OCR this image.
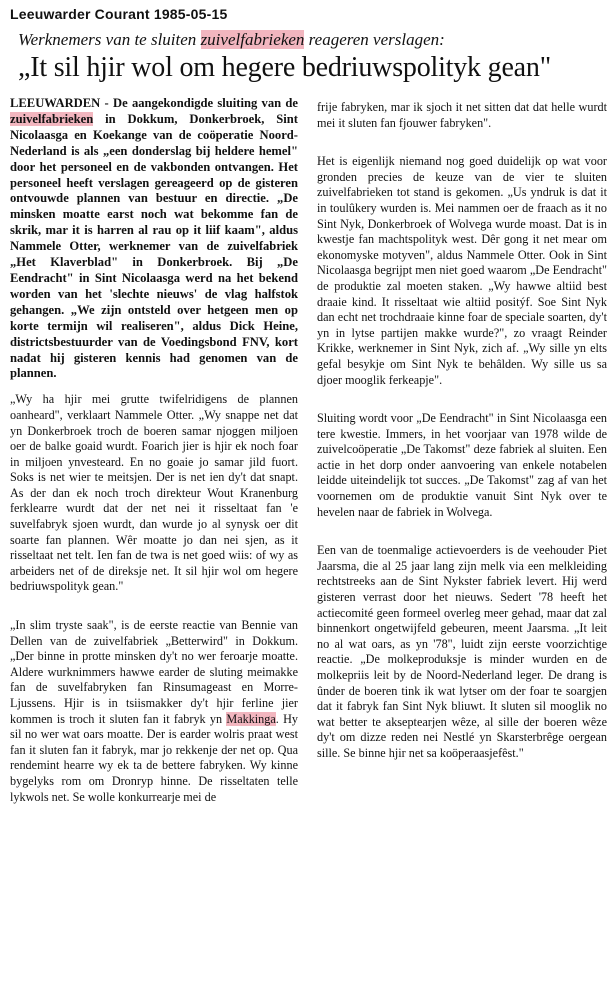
Leeuwarder Courant 1985-05-15
Werknemers van te sluiten zuivelfabrieken reageren verslagen:
„It sil hjir wol om hegere bedriuwspolityk gean"

LEEUWARDEN - De aangekondigde sluiting van de zuivelfabrieken in Dokkum, Donkerbroek, Sint Nicolaasga en Koekange van de coöperatie Noord-Nederland is als „een donderslag bij heldere hemel" door het personeel en de vakbonden ontvangen. Het personeel heeft verslagen gereageerd op de gisteren ontvouwde plannen van bestuur en directie. „De minsken moatte earst noch wat bekomme fan de skrik, mar it is harren al rau op it liif kaam", aldus Nammele Otter, werknemer van de zuivelfabriek „Het Klaverblad" in Donkerbroek. Bij „De Eendracht" in Sint Nicolaasga werd na het bekend worden van het 'slechte nieuws' de vlag halfstok gehangen. „We zijn ontsteld over hetgeen men op korte termijn wil realiseren", aldus Dick Heine, districtsbestuurder van de Voedingsbond FNV, kort nadat hij gisteren kennis had genomen van de plannen.

„Wy ha hjir mei grutte twifelridigens de plannen oanheard", verklaart Nammele Otter. „Wy snappe net dat yn Donkerbroek troch de boeren samar njoggen miljoen oer de balke goaid wurdt. Foarich jier is hjir ek noch foar in miljoen ynvesteard. En no goaie jo samar jild fuort. Soks is net wier te meitsjen. Der is net ien dy't dat snapt. As der dan ek noch troch direkteur Wout Kranenburg ferklearre wurdt dat der net nei it risseltaat fan 'e suvelfabryk sjoen wurdt, dan wurde jo al synysk oer dit soarte fan plannen. Wêr moatte jo dan nei sjen, as it risseltaat net telt. Ien fan de twa is net goed wiis: of wy as arbeiders net of de direksje net. It sil hjir wol om hegere bedriuwspolityk gean."

„In slim tryste saak", is de eerste reactie van Bennie van Dellen van de zuivelfabriek „Betterwird" in Dokkum. „Der binne in protte minsken dy't no wer feroarje moatte. Aldere wurknimmers hawwe earder de sluting meimakke fan de suvelfabryken fan Rinsumageast en Morre-Ljussens. Hjir is in tsiismakker dy't hjir ferline jier kommen is troch it sluten fan it fabryk yn Makkinga. Hy sil no wer wat oars moatte. Der is earder wolris praat west fan it sluten fan it fabryk, mar jo rekkenje der net op. Qua rendemint hearre wy ek ta de bettere fabryken. Wy kinne bygelyks rom om Dronryp hinne. De risseltaten telle lykwols net. Se wolle konkurrearje mei de

frije fabryken, mar ik sjoch it net sitten dat dat helle wurdt mei it sluten fan fjouwer fabryken".

Het is eigenlijk niemand nog goed duidelijk op wat voor gronden precies de keuze van de vier te sluiten zuivelfabrieken tot stand is gekomen. „Us yndruk is dat it in toulûkery wurden is. Mei nammen oer de fraach as it no Sint Nyk, Donkerbroek of Wolvega wurde moast. Dat is in kwestje fan machtspolityk west. Dêr gong it net mear om ekonomyske motyven", aldus Nammele Otter. Ook in Sint Nicolaasga begrijpt men niet goed waarom „De Eendracht" de produktie zal moeten staken. „Wy hawwe altiid best draaie kind. It risseltaat wie altiid positýf. Soe Sint Nyk dan echt net trochdraaie kinne foar de speciale soarten, dy't yn in lytse partijen makke wurde?", zo vraagt Reinder Krikke, werknemer in Sint Nyk, zich af. „Wy sille yn elts gefal besykje om Sint Nyk te behâlden. Wy sille us sa djoer mooglik ferkeapje".

Sluiting wordt voor „De Eendracht" in Sint Nicolaasga een tere kwestie. Immers, in het voorjaar van 1978 wilde de zuivelcoöperatie „De Takomst" deze fabriek al sluiten. Een actie in het dorp onder aanvoering van enkele notabelen leidde uiteindelijk tot succes. „De Takomst" zag af van het voornemen om de produktie vanuit Sint Nyk over te hevelen naar de fabriek in Wolvega.

Een van de toenmalige actievoerders is de veehouder Piet Jaarsma, die al 25 jaar lang zijn melk via een melkleiding rechtstreeks aan de Sint Nykster fabriek levert. Hij werd gisteren verrast door het nieuws. Sedert '78 heeft het actiecomité geen formeel overleg meer gehad, maar dat zal binnenkort ongetwijfeld gebeuren, meent Jaarsma. „It leit no al wat oars, as yn '78", luidt zijn eerste voorzichtige reactie. „De molkeproduksje is minder wurden en de molkepriis leit by de Noord-Nederland leger. De drang is ûnder de boeren tink ik wat lytser om der foar te soargjen dat it fabryk fan Sint Nyk bliuwt. It sluten sil mooglik no wat better te akseptearjen wêze, al sille der boeren wêze dy't om dizze reden nei Nestlé yn Skarsterbrêge oergean sille. Se binne hjir net sa koöperaasjefêst."
